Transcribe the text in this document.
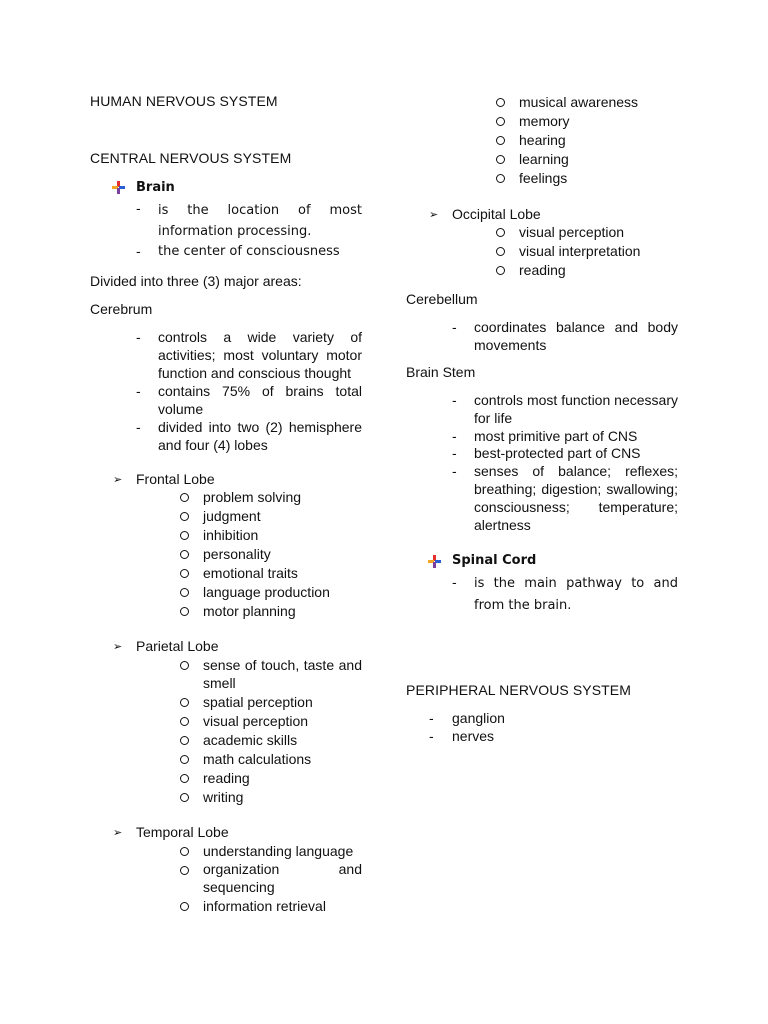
HUMAN NERVOUS SYSTEM
CENTRAL NERVOUS SYSTEM
Brain
-	is the location of most information processing.
-	the center of consciousness
Divided into three (3) major areas:
Cerebrum
-	controls a wide variety of activities; most voluntary motor function and conscious thought
-	contains 75% of brains total volume
-	divided into two (2) hemisphere and four (4) lobes
➢ Frontal Lobe
problem solving
judgment
inhibition
personality
emotional traits
language production
motor planning
➢ Parietal Lobe
sense of touch, taste and smell
spatial perception
visual perception
academic skills
math calculations
reading
writing
➢ Temporal Lobe
understanding language
organization and sequencing
information retrieval
musical awareness
memory
hearing
learning
feelings
➢ Occipital Lobe
visual perception
visual interpretation
reading
Cerebellum
-	coordinates balance and body movements
Brain Stem
-	controls most function necessary for life
-	most primitive part of CNS
-	best-protected part of CNS
-	senses of balance; reflexes; breathing; digestion; swallowing; consciousness; temperature; alertness
Spinal Cord
-	is the main pathway to and from the brain.
PERIPHERAL NERVOUS SYSTEM
-	ganglion
-	nerves
